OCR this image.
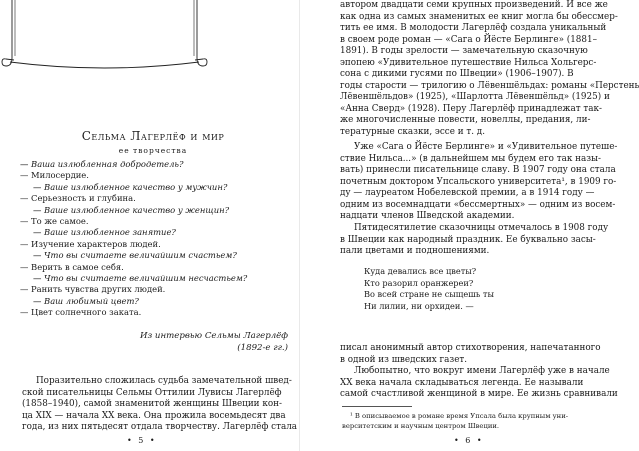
Сельма Лагерлёф и мир
ее творчества
— Ваша излюбленная добродетель?
— Милосердие.
— Ваше излюбленное качество у мужчин?
— Серьезность и глубина.
— Ваше излюбленное качество у женщин?
— То же самое.
— Ваше излюбленное занятие?
— Изучение характеров людей.
— Что вы считаете величайшим счастьем?
— Верить в самое себя.
— Что вы считаете величайшим несчастьем?
— Ранить чувства других людей.
— Ваш любимый цвет?
— Цвет солнечного заката.
Из интервью Сельмы Лагерлёф
(1892-е гг.)
Поразительно сложилась судьба замечательной швед-
ской писательницы Сельмы Оттилии Лувисы Лагерлёф
(1858–1940), самой знаменитой женщины Швеции кон-
ца XIX — начала XX века. Она прожила восемьдесят два
года, из них пятьдесят отдала творчеству. Лагерлёф стала
• 5 •
автором двадцати семи крупных произведений. И все же
как одна из самых знаменитых ее книг могла бы обессмер-
тить ее имя. В молодости Лагерлёф создала уникальный
в своем роде роман — «Сага о Йёсте Берлинге» (1881–
1891). В годы зрелости — замечательную сказочную
эпопею «Удивительное путешествие Нильса Хольгерс-
сона с дикими гусями по Швеции» (1906–1907). В
годы старости — трилогию о Лёвеншёльдах: романы «Перстень
Лёвеншёльдов» (1925), «Шарлотта Лёвеншёльд» (1925) и
«Анна Сверд» (1928). Перу Лагерлёф принадлежат так-
же многочисленные повести, новеллы, предания, ли-
тературные сказки, эссе и т. д.
Уже «Сага о Йёсте Берлинге» и «Удивительное путеше-
ствие Нильса...» (в дальнейшем мы будем его так назы-
вать) принесли писательнице славу. В 1907 году она стала
почетным доктором Упсальского университета¹, в 1909 го-
ду — лауреатом Нобелевской премии, а в 1914 году —
одним из восемнадцати «бессмертных» — одним из восем-
надцати членов Шведской академии.
Пятидесятилетие сказочницы отмечалось в 1908 году
в Швеции как народный праздник. Ее буквально засы-
пали цветами и подношениями.
Куда девались все цветы?
Кто разорил оранжереи?
Во всей стране не сыщешь ты
Ни лилии, ни орхидеи. —
писал анонимный автор стихотворения, напечатанного
в одной из шведских газет.
Любопытно, что вокруг имени Лагерлёф уже в начале
XX века начала складываться легенда. Ее называли
самой счастливой женщиной в мире. Ее жизнь сравнивали
¹ В описываемое в романе время Упсала была крупным уни-
верситетским и научным центром Швеции.
• 6 •
